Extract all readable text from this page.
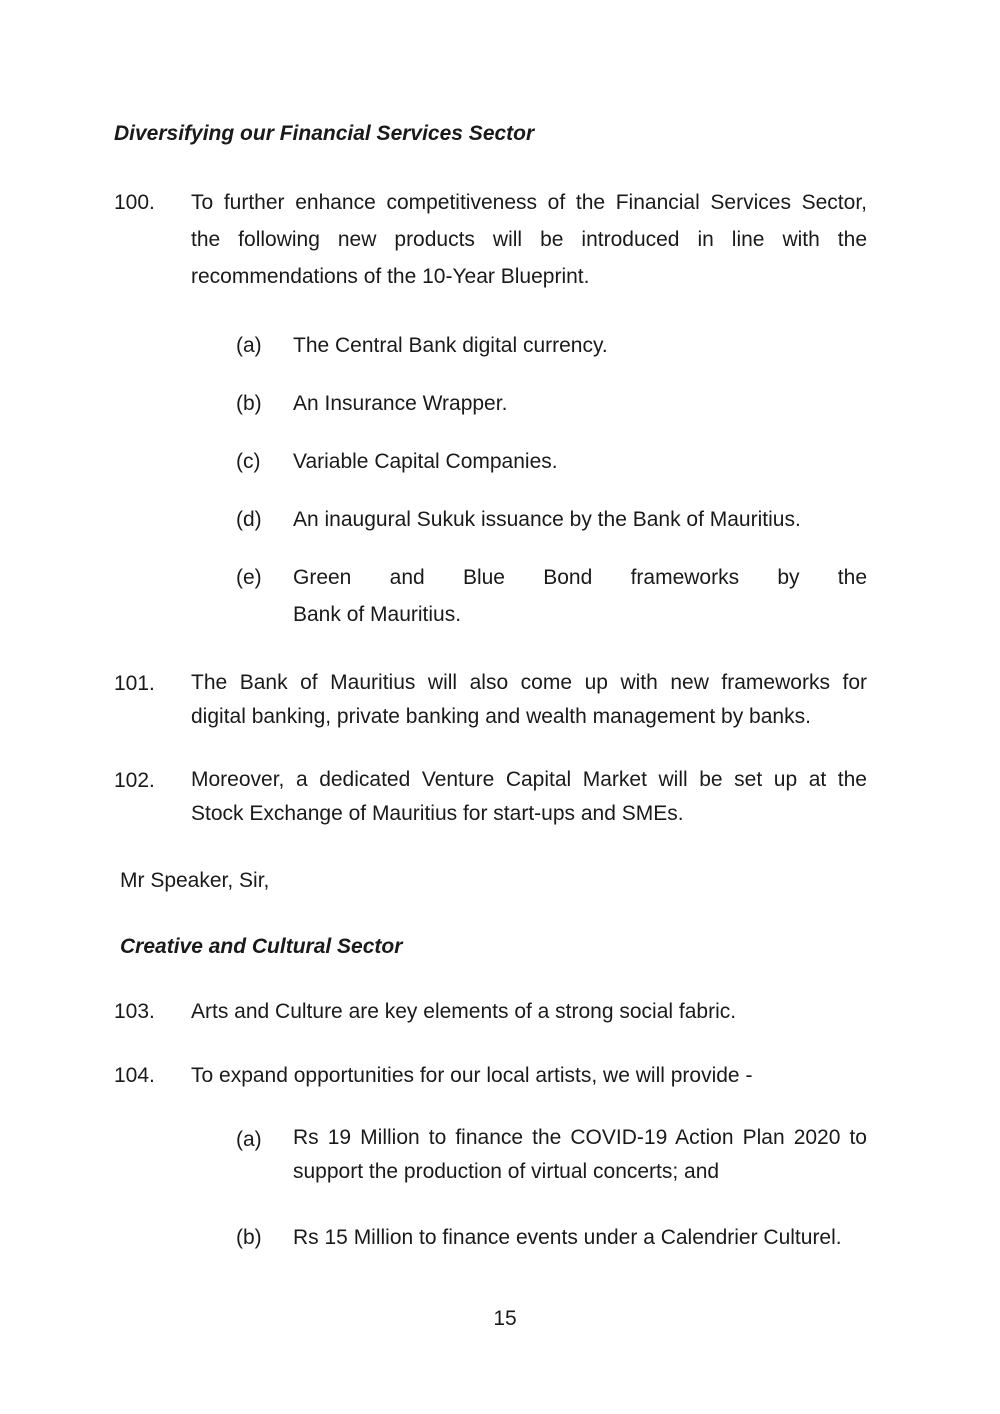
Diversifying our Financial Services Sector
100. To further enhance competitiveness of the Financial Services Sector,
the following new products will be introduced in line with the
recommendations of the 10-Year Blueprint.
(a) The Central Bank digital currency.
(b) An Insurance Wrapper.
(c) Variable Capital Companies.
(d) An inaugural Sukuk issuance by the Bank of Mauritius.
(e) Green and Blue Bond frameworks by the
Bank of Mauritius.
101. The Bank of Mauritius will also come up with new frameworks for
digital banking, private banking and wealth management by banks.
102. Moreover, a dedicated Venture Capital Market will be set up at the
Stock Exchange of Mauritius for start-ups and SMEs.
Mr Speaker, Sir,
Creative and Cultural Sector
103. Arts and Culture are key elements of a strong social fabric.
104. To expand opportunities for our local artists, we will provide -
(a) Rs 19 Million to finance the COVID-19 Action Plan 2020 to
support the production of virtual concerts; and
(b) Rs 15 Million to finance events under a Calendrier Culturel.
15
